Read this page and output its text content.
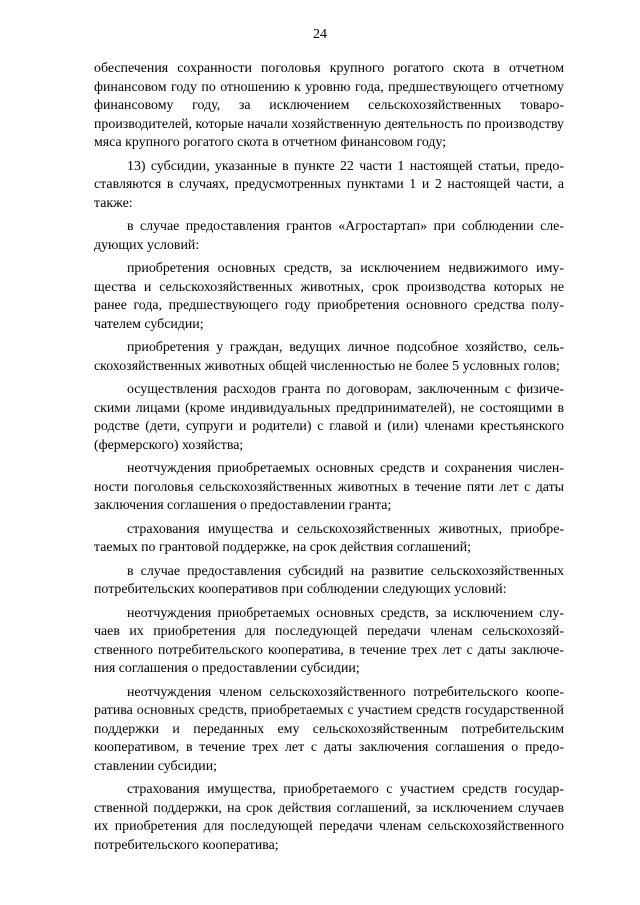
24

обеспечения сохранности поголовья крупного рогатого скота в отчетном финансовом году по отношению к уровню года, предшествующего отчетному финансовому году, за исключением сельскохозяйственных товаропроизводителей, которые начали хозяйственную деятельность по производству мяса крупного рогатого скота в отчетном финансовом году;

13) субсидии, указанные в пункте 22 части 1 настоящей статьи, предоставляются в случаях, предусмотренных пунктами 1 и 2 настоящей части, а также:

в случае предоставления грантов «Агростартап» при соблюдении следующих условий:

приобретения основных средств, за исключением недвижимого имущества и сельскохозяйственных животных, срок производства которых не ранее года, предшествующего году приобретения основного средства получателем субсидии;

приобретения у граждан, ведущих личное подсобное хозяйство, сельскохозяйственных животных общей численностью не более 5 условных голов;

осуществления расходов гранта по договорам, заключенным с физическими лицами (кроме индивидуальных предпринимателей), не состоящими в родстве (дети, супруги и родители) с главой и (или) членами крестьянского (фермерского) хозяйства;

неотчуждения приобретаемых основных средств и сохранения численности поголовья сельскохозяйственных животных в течение пяти лет с даты заключения соглашения о предоставлении гранта;

страхования имущества и сельскохозяйственных животных, приобретаемых по грантовой поддержке, на срок действия соглашений;

в случае предоставления субсидий на развитие сельскохозяйственных потребительских кооперативов при соблюдении следующих условий:

неотчуждения приобретаемых основных средств, за исключением случаев их приобретения для последующей передачи членам сельскохозяйственного потребительского кооператива, в течение трех лет с даты заключения соглашения о предоставлении субсидии;

неотчуждения членом сельскохозяйственного потребительского кооператива основных средств, приобретаемых с участием средств государственной поддержки и переданных ему сельскохозяйственным потребительским кооперативом, в течение трех лет с даты заключения соглашения о предоставлении субсидии;

страхования имущества, приобретаемого с участием средств государственной поддержки, на срок действия соглашений, за исключением случаев их приобретения для последующей передачи членам сельскохозяйственного потребительского кооператива;
